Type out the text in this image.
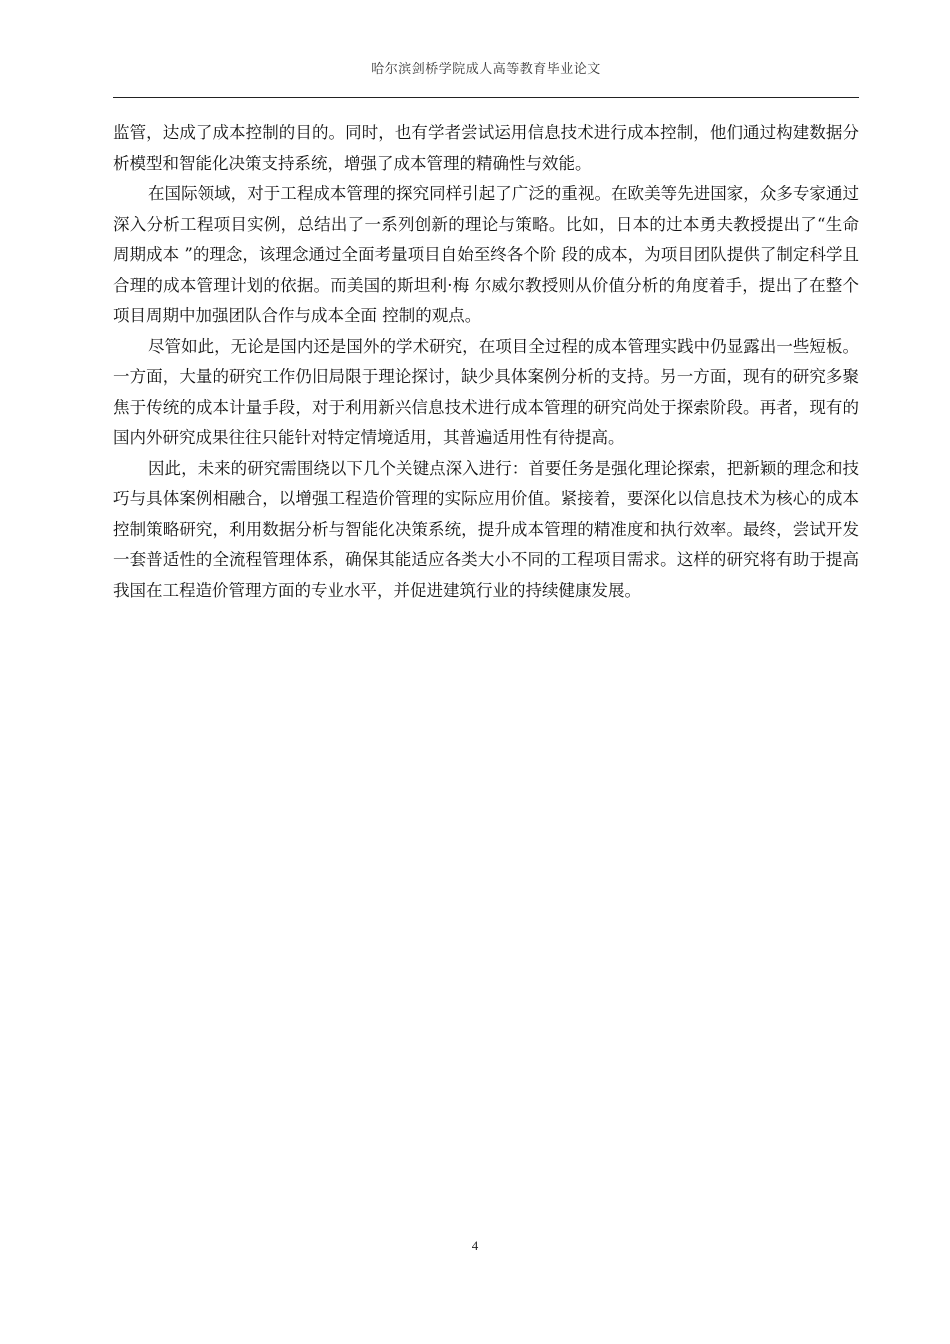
哈尔滨剑桥学院成人高等教育毕业论文

监管，达成了成本控制的目的。同时，也有学者尝试运用信息技术进行成本控制，他们通过构建数据分析模型和智能化决策支持系统，增强了成本管理的精确性与效能。

在国际领域，对于工程成本管理的探究同样引起了广泛的重视。在欧美等先进国家，众多专家通过深入分析工程项目实例，总结出了一系列创新的理论与策略。比如，日本的辻本勇夫教授提出了“生命周期成本 ”的理念，该理念通过全面考量项目自始至终各个阶 段的成本，为项目团队提供了制定科学且合理的成本管理计划的依据。而美国的斯坦利·梅 尔威尔教授则从价值分析的角度着手，提出了在整个项目周期中加强团队合作与成本全面 控制的观点。

尽管如此，无论是国内还是国外的学术研究，在项目全过程的成本管理实践中仍显露出一些短板。一方面，大量的研究工作仍旧局限于理论探讨，缺少具体案例分析的支持。另一方面，现有的研究多聚焦于传统的成本计量手段，对于利用新兴信息技术进行成本管理的研究尚处于探索阶段。再者，现有的国内外研究成果往往只能针对特定情境适用，其普遍适用性有待提高。

因此，未来的研究需围绕以下几个关键点深入进行：首要任务是强化理论探索，把新颖的理念和技巧与具体案例相融合，以增强工程造价管理的实际应用价值。紧接着，要深化以信息技术为核心的成本控制策略研究，利用数据分析与智能化决策系统，提升成本管理的精准度和执行效率。最终，尝试开发一套普适性的全流程管理体系，确保其能适应各类大小不同的工程项目需求。这样的研究将有助于提高我国在工程造价管理方面的专业水平，并促进建筑行业的持续健康发展。

4
